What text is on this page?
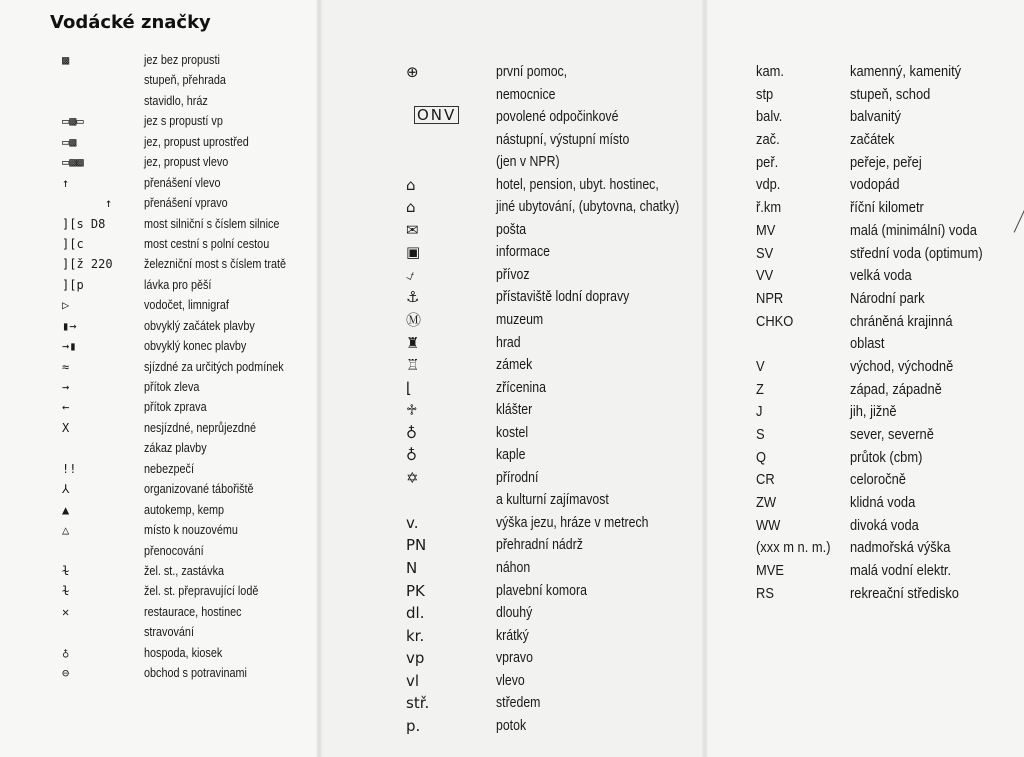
Vodácké značky
▩	jez bez propusti
stupeň, přehrada
stavidlo, hráz
▭▩▭	jez s propustí vp
▭▩	jez, propust uprostřed
▭▩▩	jez, propust vlevo
↑	přenášení vlevo
↑	přenášení vpravo
][s D8	most silniční s číslem silnice
][c	most cestní s polní cestou
][ž 220 železniční most s číslem tratě
][p	lávka pro pěší
▷	vodočet, limnigraf
▮→	obvyklý začátek plavby
→▮	obvyklý konec plavby
≈	sjízdné za určitých podmínek
→	přítok zleva
←	přítok zprava
X	nesjízdné, neprůjezdné
zákaz plavby
!!	nebezpečí
⅄	organizované tábořiště
▲	autokemp, kemp
△	místo k nouzovému
přenocování
ɫ	žel. st., zastávka
ɫ	žel. st. přepravující lodě
✕	restaurace, hostinec
stravování
♁	hospoda, kiosek
⊖	obchod s potravinami
⊕	první pomoc,
nemocnice
ONV	povolené odpočinkové
nástupní, výstupní místo
(jen v NPR)
⌂	hotel, pension, ubyt. hostinec,
⌂	jiné ubytování, (ubytovna, chatky)
✉	pošta
▣	informace
⍻	přívoz
⚓	přístaviště lodní dopravy
Ⓜ	muzeum
♜	hrad
♖	zámek
⌊	zřícenina
♱	klášter
♁	kostel
♁	kaple
✡	přírodní
a kulturní zajímavost
v.	výška jezu, hráze v metrech
PN	přehradní nádrž
N	náhon
PK	plavební komora
dl.	dlouhý
kr.	krátký
vp	vpravo
vl	vlevo
stř.	středem
p.	potok
kam.	kamenný, kamenitý
stp	stupeň, schod
balv.	balvanitý
zač.	začátek
peř.	peřeje, peřej
vdp.	vodopád
ř.km	říční kilometr
MV	malá (minimální) voda
SV	střední voda (optimum)
VV	velká voda
NPR	Národní park
CHKO	chráněná krajinná
oblast
V	východ, východně
Z	západ, západně
J	jih, jižně
S	sever, severně
Q	průtok (cbm)
CR	celoročně
ZW	klidná voda
WW	divoká voda
(xxx m n. m.) nadmořská výška
MVE	malá vodní elektr.
RS	rekreační středisko
